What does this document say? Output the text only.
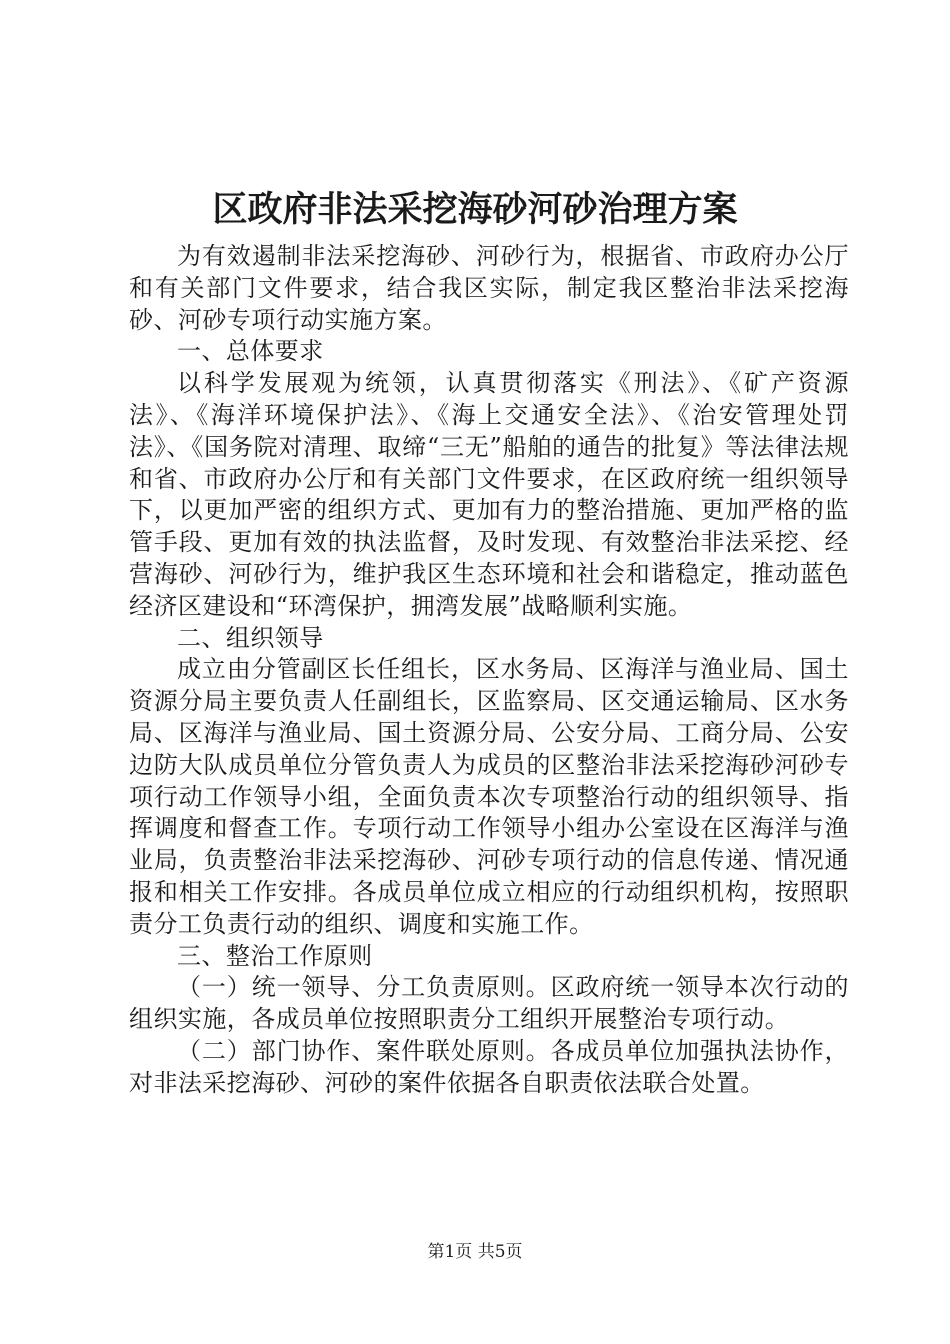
区政府非法采挖海砂河砂治理方案

为有效遏制非法采挖海砂、河砂行为，根据省、市政府办公厅和有关部门文件要求，结合我区实际，制定我区整治非法采挖海砂、河砂专项行动实施方案。

一、总体要求

以科学发展观为统领，认真贯彻落实《刑法》、《矿产资源法》、《海洋环境保护法》、《海上交通安全法》、《治安管理处罚法》、《国务院对清理、取缔“三无”船舶的通告的批复》等法律法规和省、市政府办公厅和有关部门文件要求，在区政府统一组织领导下，以更加严密的组织方式、更加有力的整治措施、更加严格的监管手段、更加有效的执法监督，及时发现、有效整治非法采挖、经营海砂、河砂行为，维护我区生态环境和社会和谐稳定，推动蓝色经济区建设和“环湾保护，拥湾发展”战略顺利实施。

二、组织领导

成立由分管副区长任组长，区水务局、区海洋与渔业局、国土资源分局主要负责人任副组长，区监察局、区交通运输局、区水务局、区海洋与渔业局、国土资源分局、公安分局、工商分局、公安边防大队成员单位分管负责人为成员的区整治非法采挖海砂河砂专项行动工作领导小组，全面负责本次专项整治行动的组织领导、指挥调度和督查工作。专项行动工作领导小组办公室设在区海洋与渔业局，负责整治非法采挖海砂、河砂专项行动的信息传递、情况通报和相关工作安排。各成员单位成立相应的行动组织机构，按照职责分工负责行动的组织、调度和实施工作。

三、整治工作原则

（一）统一领导、分工负责原则。区政府统一领导本次行动的组织实施，各成员单位按照职责分工组织开展整治专项行动。

（二）部门协作、案件联处原则。各成员单位加强执法协作，对非法采挖海砂、河砂的案件依据各自职责依法联合处置。

第1页 共5页
